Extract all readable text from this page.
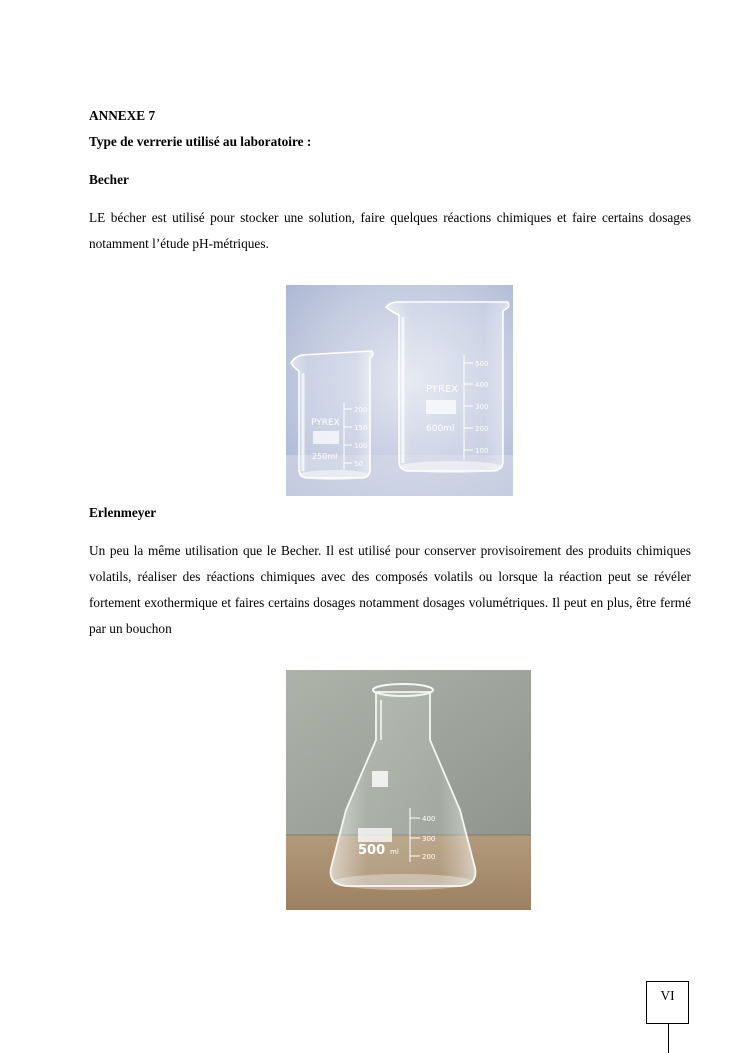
ANNEXE 7
Type de verrerie utilisé au laboratoire :
Becher
LE bécher est utilisé pour stocker une solution, faire quelques réactions chimiques et faire certains dosages notamment l’étude pH-métriques.
PYREX
600ml
500
400
300
200
100
PYREX
250ml
200
150
100
50
Erlenmeyer
Un peu la même utilisation que le Becher. Il est utilisé pour conserver provisoirement des produits chimiques volatils, réaliser des réactions chimiques avec des composés volatils ou lorsque la réaction peut se révéler fortement exothermique et faires certains dosages notamment dosages volumétriques. Il peut en plus, être fermé par un bouchon
500 ml
400
300
200
VI
